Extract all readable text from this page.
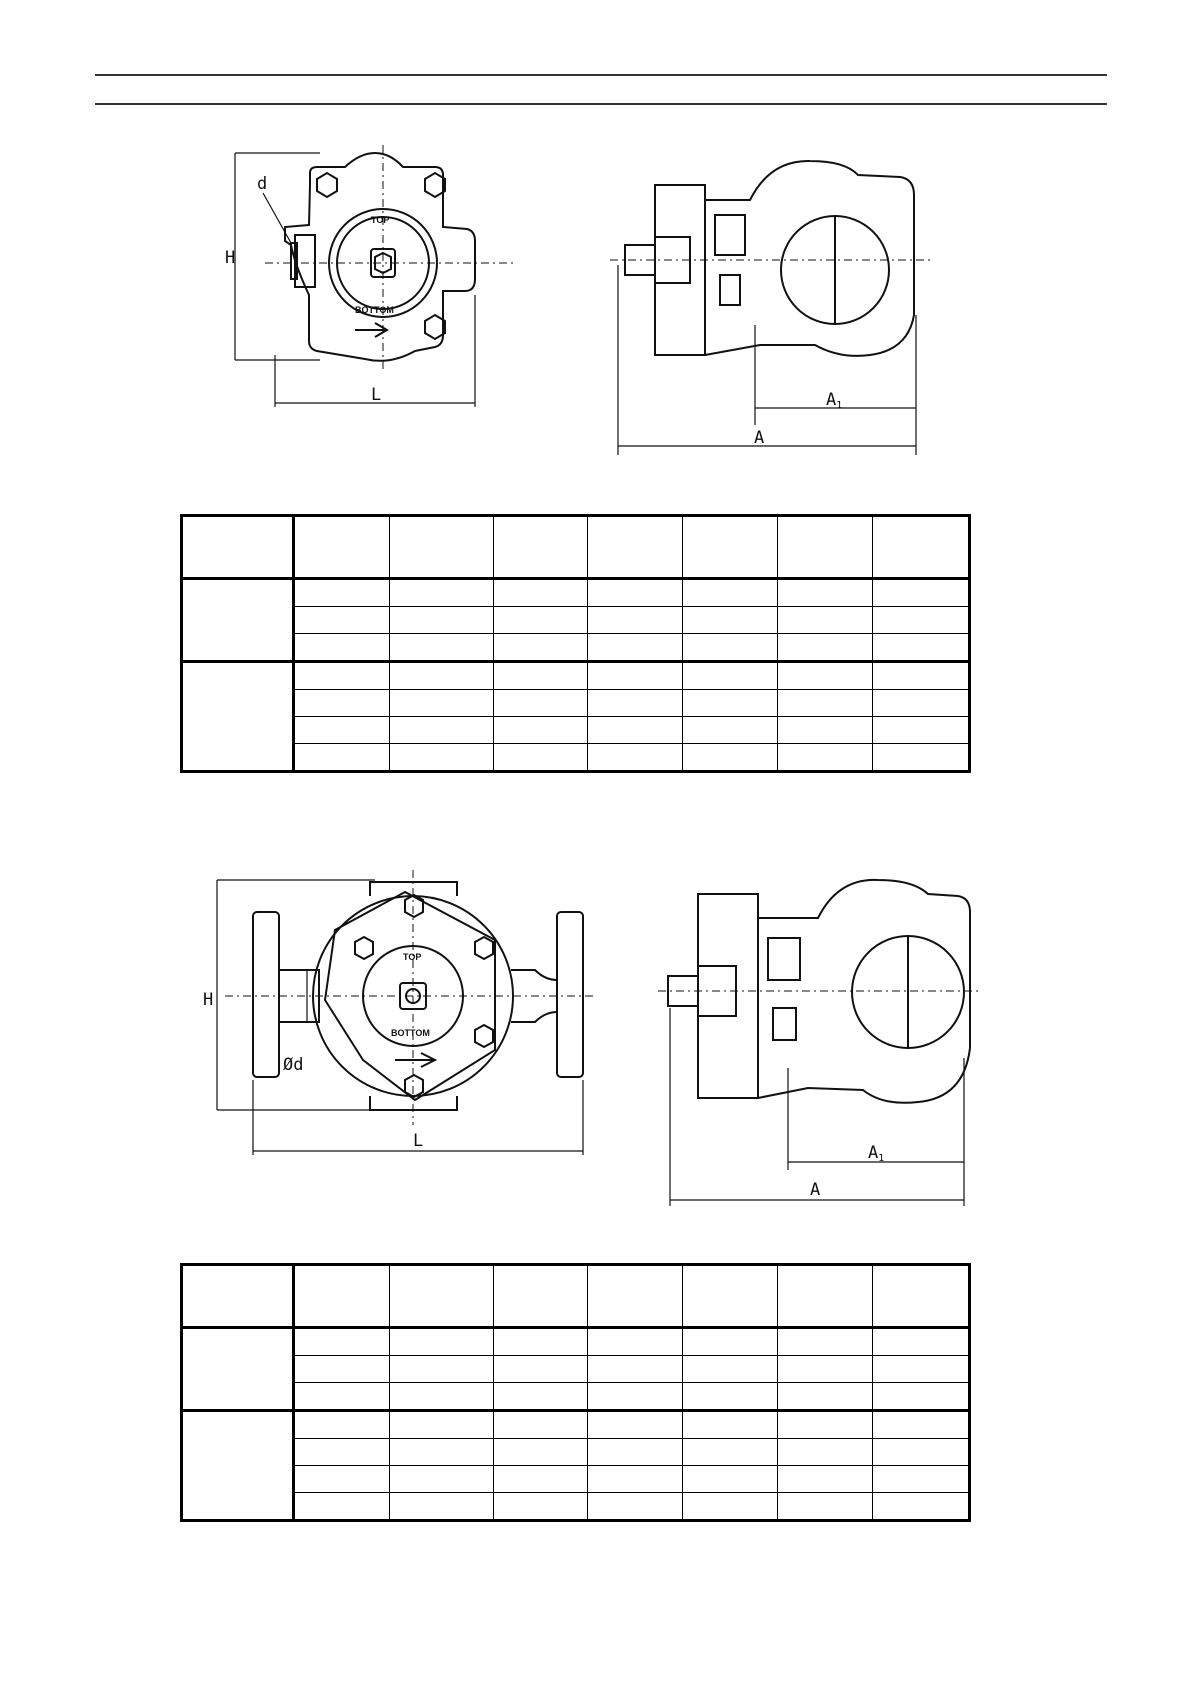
H
L
d
TOP
BOTTOM
A1
A

H
L
Ød
TOP
BOTTOM
A1
A
